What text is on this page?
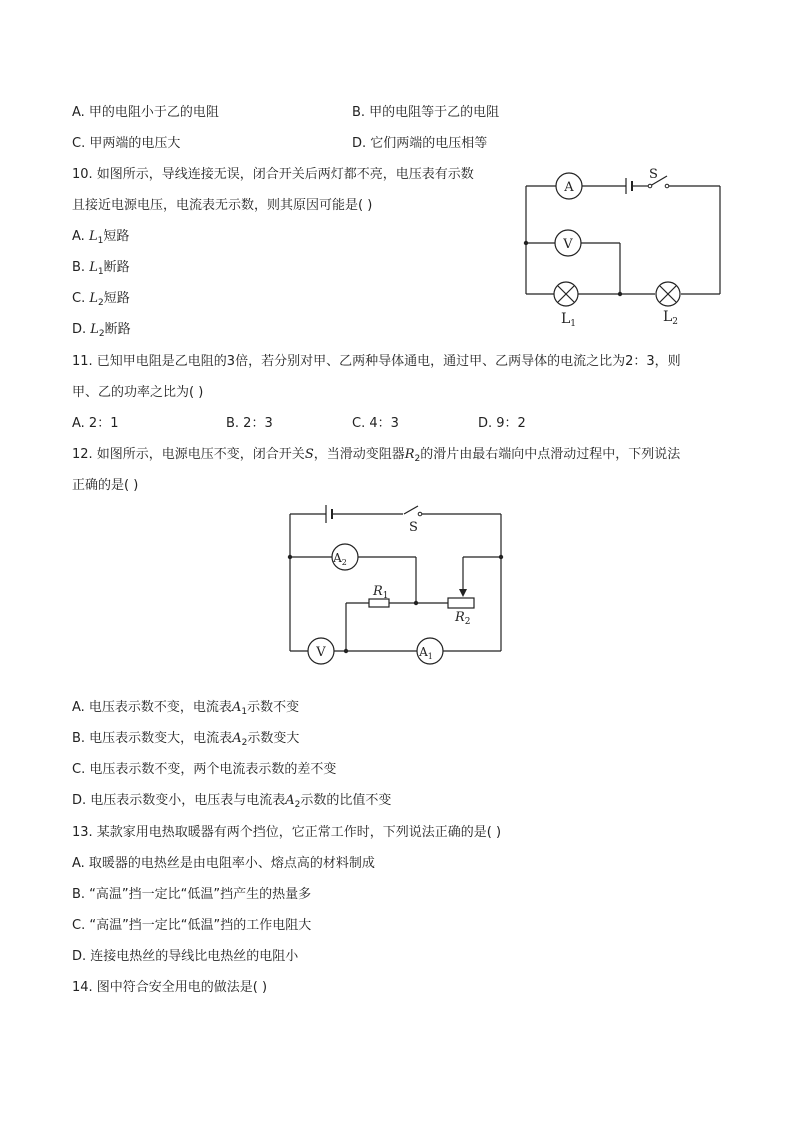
A. 甲的电阻小于乙的电阻	B. 甲的电阻等于乙的电阻
C. 甲两端的电压大	D. 它们两端的电压相等
10. 如图所示，导线连接无误，闭合开关后两灯都不亮，电压表有示数
且接近电源电压，电流表无示数，则其原因可能是( )
A. $L_1$短路
B. $L_1$断路
C. $L_2$短路
D. $L_2$断路
S
A
V
$L_1$	$L_2$
11. 已知甲电阻是乙电阻的3倍，若分别对甲、乙两种导体通电，通过甲、乙两导体的电流之比为2：3，则
甲、乙的功率之比为( )
A. 2：1	B. 2：3	C. 4：3	D. 9：2
12. 如图所示，电源电压不变，闭合开关S，当滑动变阻器$R_2$的滑片由最右端向中点滑动过程中，下列说法
正确的是( )
S
$A_2$
$R_1$
$R_2$
V	$A_1$
A. 电压表示数不变，电流表$A_1$示数不变
B. 电压表示数变大，电流表$A_2$示数变大
C. 电压表示数不变，两个电流表示数的差不变
D. 电压表示数变小，电压表与电流表$A_2$示数的比值不变
13. 某款家用电热取暖器有两个挡位，它正常工作时，下列说法正确的是( )
A. 取暖器的电热丝是由电阻率小、熔点高的材料制成
B. “高温”挡一定比“低温”挡产生的热量多
C. “高温”挡一定比“低温”挡的工作电阻大
D. 连接电热丝的导线比电热丝的电阻小
14. 图中符合安全用电的做法是( )
